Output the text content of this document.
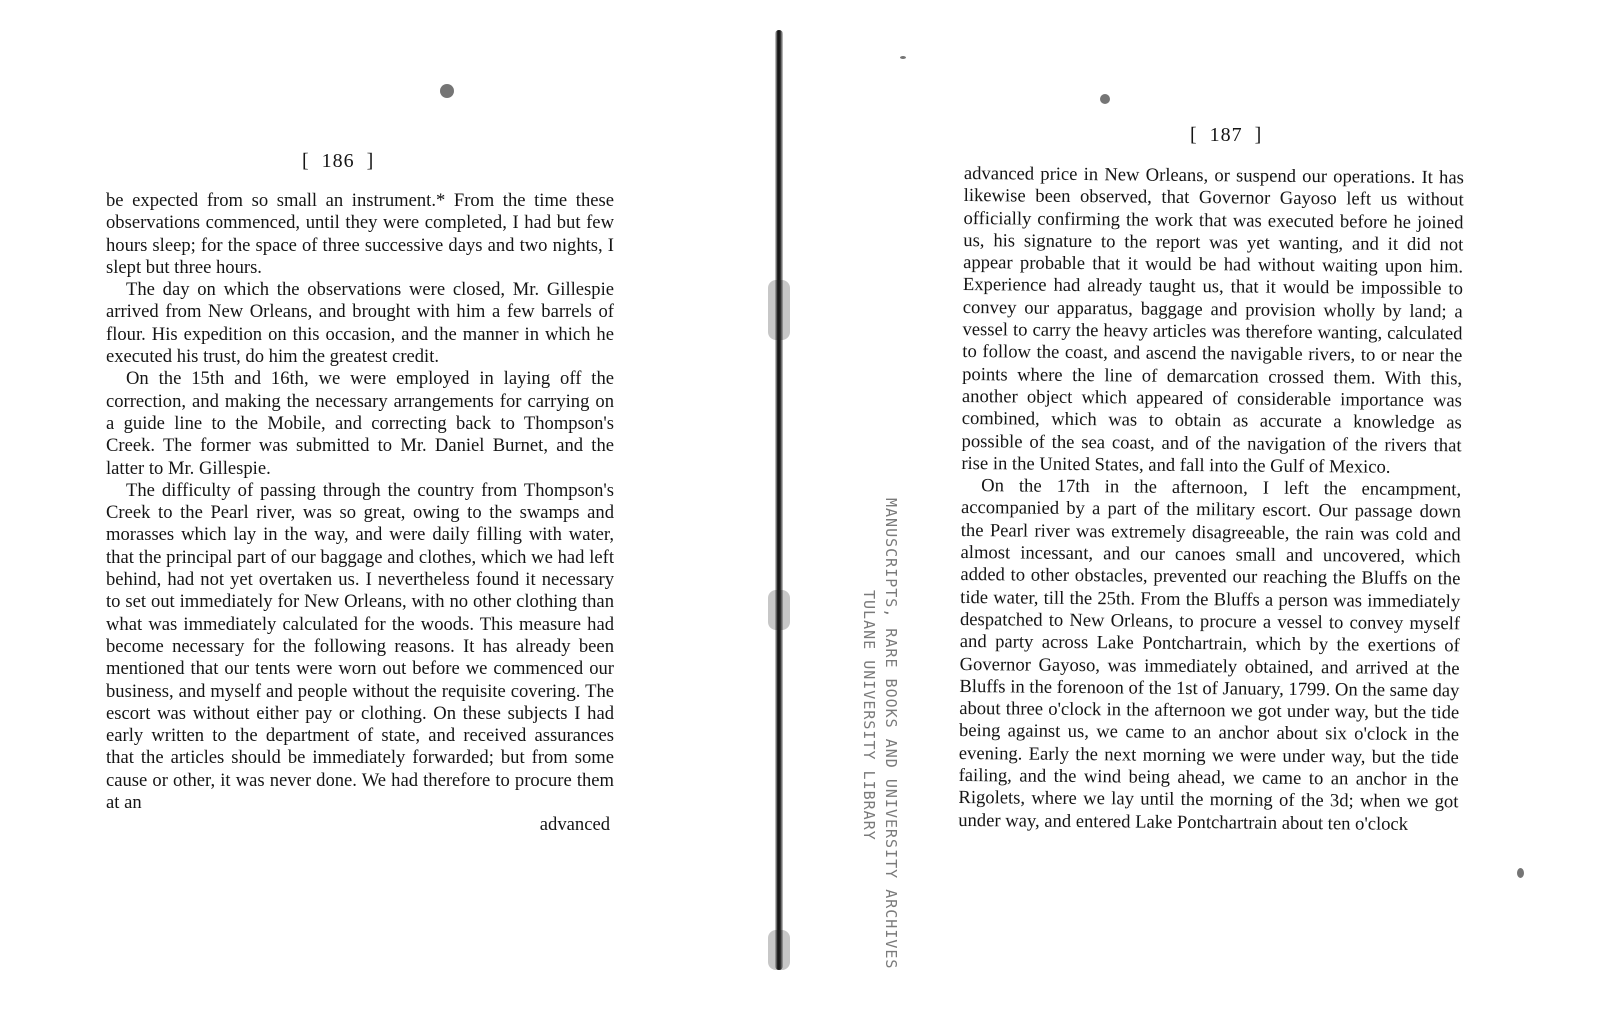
[  186  ]

be expected from so small an instrument.* From the time these observations commenced, until they were completed, I had but few hours sleep; for the space of three successive days and two nights, I slept but three hours.

The day on which the observations were closed, Mr. Gillespie arrived from New Orleans, and brought with him a few barrels of flour. His expedition on this occasion, and the manner in which he executed his trust, do him the greatest credit.

On the 15th and 16th, we were employed in laying off the correction, and making the necessary arrangements for carrying on a guide line to the Mobile, and correcting back to Thompson's Creek. The former was submitted to Mr. Daniel Burnet, and the latter to Mr. Gillespie.

The difficulty of passing through the country from Thompson's Creek to the Pearl river, was so great, owing to the swamps and morasses which lay in the way, and were daily filling with water, that the principal part of our baggage and clothes, which we had left behind, had not yet overtaken us. I nevertheless found it necessary to set out immediately for New Orleans, with no other clothing than what was immediately calculated for the woods. This measure had become necessary for the following reasons. It has already been mentioned that our tents were worn out before we commenced our business, and myself and people without the requisite covering. The escort was without either pay or clothing. On these subjects I had early written to the department of state, and received assurances that the articles should be immediately forwarded; but from some cause or other, it was never done. We had therefore to procure them at an

advanced

[  187  ]

advanced price in New Orleans, or suspend our operations. It has likewise been observed, that Governor Gayoso left us without officially confirming the work that was executed before he joined us, his signature to the report was yet wanting, and it did not appear probable that it would be had without waiting upon him. Experience had already taught us, that it would be impossible to convey our apparatus, baggage and provision wholly by land; a vessel to carry the heavy articles was therefore wanting, calculated to follow the coast, and ascend the navigable rivers, to or near the points where the line of demarcation crossed them. With this, another object which appeared of considerable importance was combined, which was to obtain as accurate a knowledge as possible of the sea coast, and of the navigation of the rivers that rise in the United States, and fall into the Gulf of Mexico.

On the 17th in the afternoon, I left the encampment, accompanied by a part of the military escort. Our passage down the Pearl river was extremely disagreeable, the rain was cold and almost incessant, and our canoes small and uncovered, which added to other obstacles, prevented our reaching the Bluffs on the tide water, till the 25th. From the Bluffs a person was immediately despatched to New Orleans, to procure a vessel to convey myself and party across Lake Pontchartrain, which by the exertions of Governor Gayoso, was immediately obtained, and arrived at the Bluffs in the forenoon of the 1st of January, 1799. On the same day about three o'clock in the afternoon we got under way, but the tide being against us, we came to an anchor about six o'clock in the evening. Early the next morning we were under way, but the tide failing, and the wind being ahead, we came to an anchor in the Rigolets, where we lay until the morning of the 3d; when we got under way, and entered Lake Pontchartrain about ten o'clock

MANUSCRIPTS, RARE BOOKS AND UNIVERSITY ARCHIVES
TULANE UNIVERSITY LIBRARY
